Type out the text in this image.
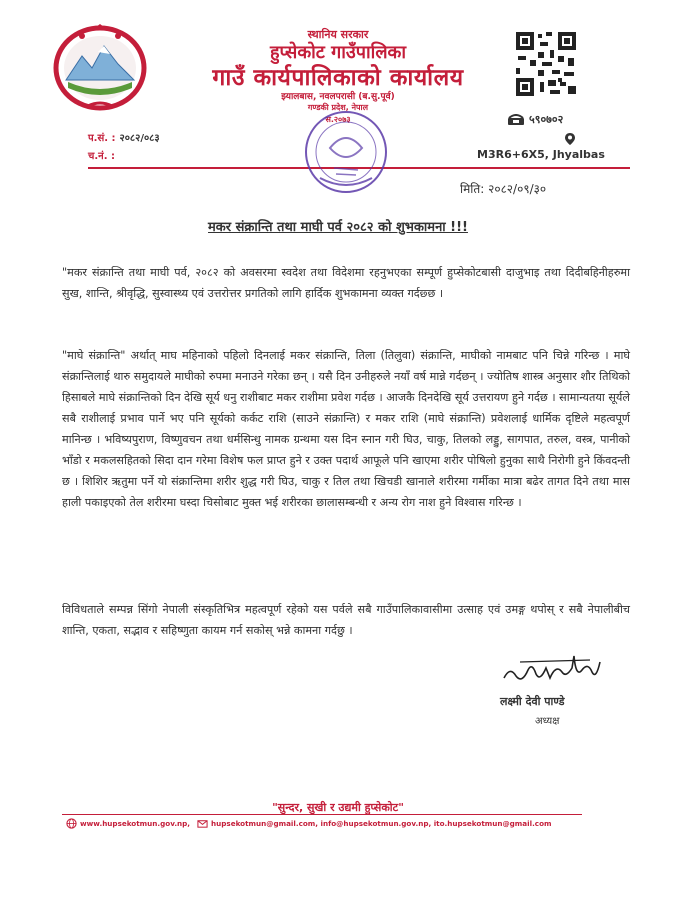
स्थानिय सरकार
हुप्सेकोट गाउँपालिका
गाउँ कार्यपालिकाको कार्यालय
झ्यालबास, नवलपरासी (ब.सु.पूर्व)
गण्डकी प्रदेश, नेपाल
स.२०७३	५९०७०२
M3R6+6X5, Jhyalbas
प.सं. : २०८२/०८३
च.नं. :
मिति: २०८२/०९/३०
मकर संक्रान्ति तथा माघी पर्व २०८२ को शुभकामना !!!
"मकर संक्रान्ति तथा माघी पर्व, २०८२ को अवसरमा स्वदेश तथा विदेशमा रहनुभएका सम्पूर्ण हुप्सेकोटबासी दाजुभाइ तथा दिदीबहिनीहरुमा सुख, शान्ति, श्रीवृद्धि, सुस्वास्थ्य एवं उत्तरोत्तर प्रगतिको लागि हार्दिक शुभकामना व्यक्त गर्दछ्छ ।
"माघे संक्रान्ति" अर्थात् माघ महिनाको पहिलो दिनलाई मकर संक्रान्ति, तिला (तिलुवा) संक्रान्ति, माघीको नामबाट पनि चिन्ने गरिन्छ । माघे संक्रान्तिलाई थारु समुदायले माघीको रुपमा मनाउने गरेका छन् । यसै दिन उनीहरुले नयाँ वर्ष मान्ने गर्दछन् । ज्योतिष शास्त्र अनुसार शौर तिथिको हिसाबले माघे संक्रान्तिको दिन देखि सूर्य धनु राशीबाट मकर राशीमा प्रवेश गर्दछ । आजकै दिनदेखि सूर्य उत्तरायण हुने गर्दछ । सामान्यतया सूर्यले सबै राशीलाई प्रभाव पार्ने भए पनि सूर्यको कर्कट राशि (साउने संक्रान्ति) र मकर राशि (माघे संक्रान्ति) प्रवेशलाई धार्मिक दृष्टिले महत्वपूर्ण मानिन्छ । भविष्यपुराण, विष्णुवचन तथा धर्मसिन्धु नामक ग्रन्थमा यस दिन स्नान गरी घिउ, चाकु, तिलको लड्डु, सागपात, तरुल, वस्त्र, पानीको भाँडो र मकलसहितको सिदा दान गरेमा विशेष फल प्राप्त हुने र उक्त पदार्थ आफूले पनि खाएमा शरीर पोषिलो हुनुका साथै निरोगी हुने किंवदन्ती छ । शिशिर ऋतुमा पर्ने यो संक्रान्तिमा शरीर शुद्ध गरी घिउ, चाकु र तिल तथा खिचडी खानाले शरीरमा गर्मीका मात्रा बढेर तागत दिने तथा मास हाली पकाइएको तेल शरीरमा घस्दा चिसोबाट मुक्त भई शरीरका छालासम्बन्धी र अन्य रोग नाश हुने विश्वास गरिन्छ ।
विविधताले सम्पन्न सिंगो नेपाली संस्कृतिभित्र महत्वपूर्ण रहेको यस पर्वले सबै गाउँपालिकावासीमा उत्साह एवं उमङ्ग थपोस् र सबै नेपालीबीच शान्ति, एकता, सद्भाव र सहिष्णुता कायम गर्न सकोस् भन्ने कामना गर्दछु ।
लक्ष्मी देवी पाण्डे
अध्यक्ष
"सुन्दर, सुखी र उद्यमी हुप्सेकोट"
www.hupsekotmun.gov.np,	hupsekotmun@gmail.com, info@hupsekotmun.gov.np, ito.hupsekotmun@gmail.com
